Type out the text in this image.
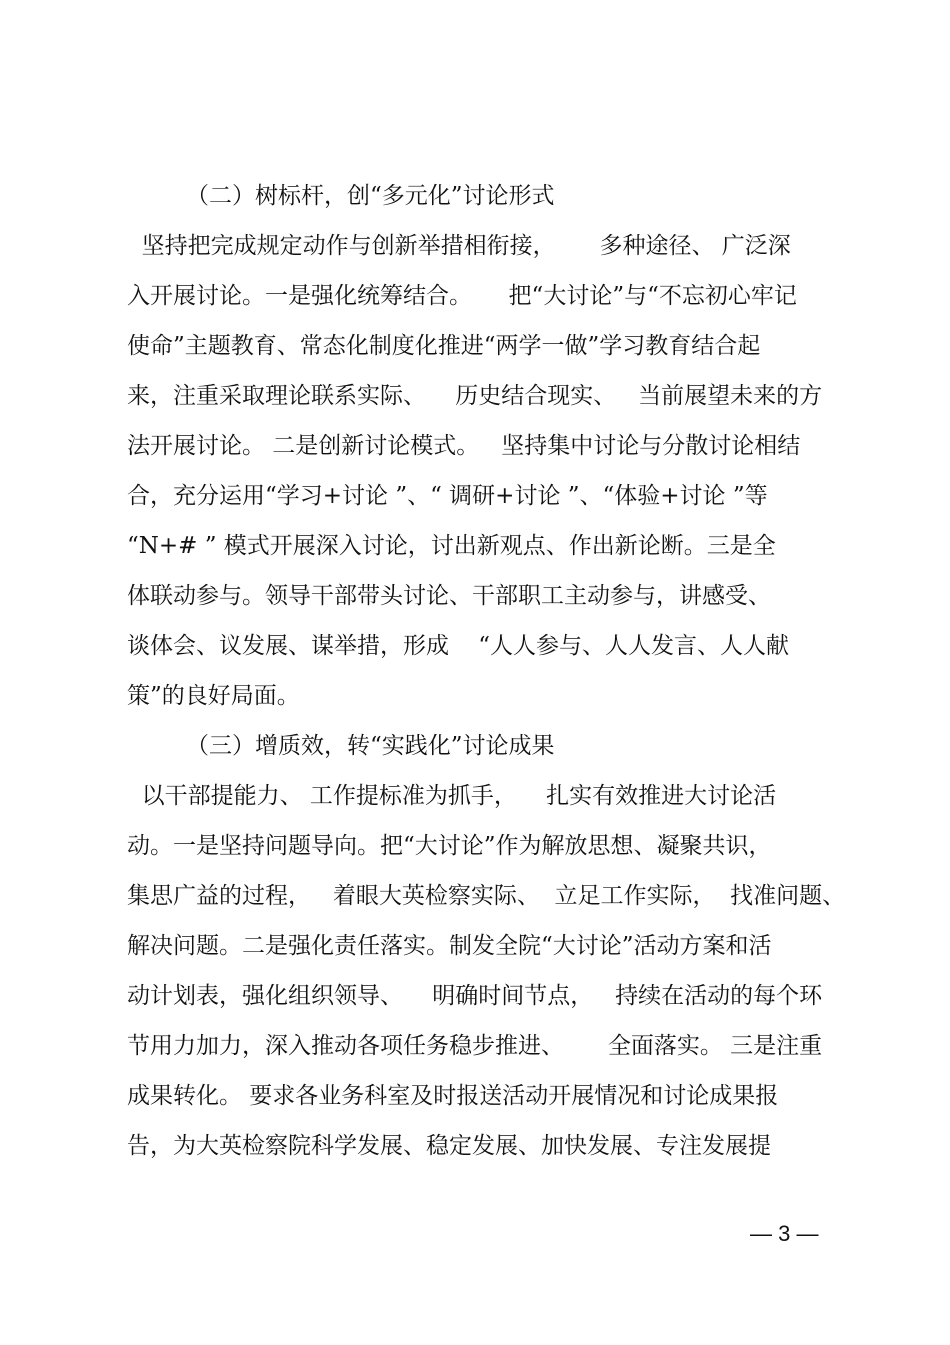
（二）树标杆，创“多元化”讨论形式
坚持把完成规定动作与创新举措相衔接，      多种途径、 广泛深
入开展讨论。一是强化统筹结合。     把“大讨论”与“不忘初心牢记
使命”主题教育、常态化制度化推进“两学一做”学习教育结合起
来，注重采取理论联系实际、    历史结合现实、   当前展望未来的方
法开展讨论。 二是创新讨论模式。   坚持集中讨论与分散讨论相结
合，充分运用“学习+讨论 ”、“ 调研+讨论 ”、“体验+讨论 ”等
“N+# ” 模式开展深入讨论，讨出新观点、作出新论断。三是全
体联动参与。领导干部带头讨论、干部职工主动参与，讲感受、
谈体会、议发展、谋举措，形成    “人人参与、人人发言、人人献
策”的良好局面。
（三）增质效，转“实践化”讨论成果
以干部提能力、 工作提标准为抓手，    扎实有效推进大讨论活
动。一是坚持问题导向。把“大讨论”作为解放思想、凝聚共识，
集思广益的过程，   着眼大英检察实际、  立足工作实际，  找准问题、
解决问题。二是强化责任落实。制发全院“大讨论”活动方案和活
动计划表，强化组织领导、    明确时间节点，   持续在活动的每个环
节用力加力，深入推动各项任务稳步推进、      全面落实。 三是注重
成果转化。 要求各业务科室及时报送活动开展情况和讨论成果报
告，为大英检察院科学发展、稳定发展、加快发展、专注发展提
— 3 —
